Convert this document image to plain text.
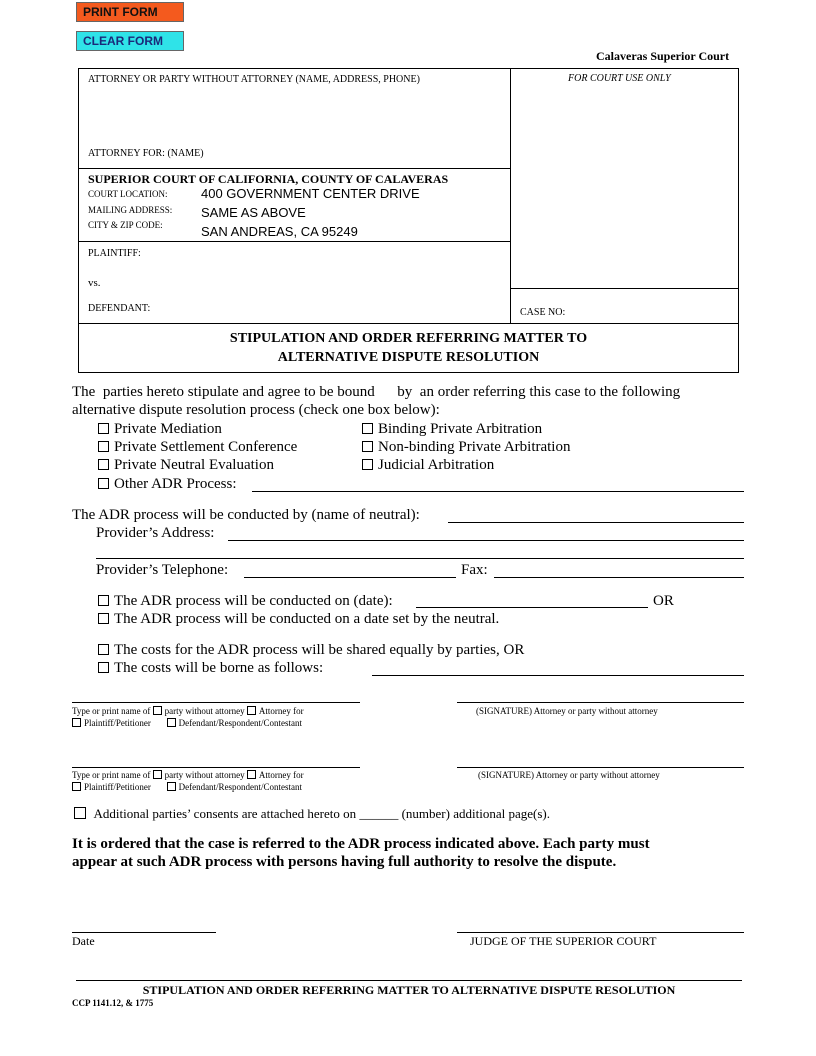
PRINT FORM
CLEAR FORM
Calaveras Superior Court
ATTORNEY OR PARTY WITHOUT ATTORNEY (NAME, ADDRESS, PHONE)
ATTORNEY FOR: (NAME)
FOR COURT USE ONLY
SUPERIOR COURT OF CALIFORNIA, COUNTY OF CALAVERAS
COURT LOCATION:	400 GOVERNMENT CENTER DRIVE
MAILING ADDRESS: SAME AS ABOVE
CITY & ZIP CODE:	SAN ANDREAS, CA 95249
PLAINTIFF:
vs.
DEFENDANT:	CASE NO:
STIPULATION AND ORDER REFERRING MATTER TO
ALTERNATIVE DISPUTE RESOLUTION
The  parties hereto stipulate and agree to be bound      by  an order referring this case to the following
alternative dispute resolution process (check one box below):
Private Mediation
Private Settlement Conference
Private Neutral Evaluation
Binding Private Arbitration
Non-binding Private Arbitration
Judicial Arbitration
Other ADR Process:
The ADR process will be conducted by (name of neutral):
Provider’s Address:
Provider’s Telephone:	Fax:
The ADR process will be conducted on (date):	OR
The ADR process will be conducted on a date set by the neutral.
The costs for the ADR process will be shared equally by parties, OR
The costs will be borne as follows:
Type or print name of party without attorney Attorney for
Plaintiff/Petitioner	Defendant/Respondent/Contestant
(SIGNATURE) Attorney or party without attorney
Type or print name of party without attorney Attorney for
Plaintiff/Petitioner	Defendant/Respondent/Contestant
(SIGNATURE) Attorney or party without attorney
Additional parties’ consents are attached hereto on ______ (number) additional page(s).
It is ordered that the case is referred to the ADR process indicated above. Each party must
appear at such ADR process with persons having full authority to resolve the dispute.
Date	JUDGE OF THE SUPERIOR COURT
STIPULATION AND ORDER REFERRING MATTER TO ALTERNATIVE DISPUTE RESOLUTION
CCP 1141.12, & 1775
